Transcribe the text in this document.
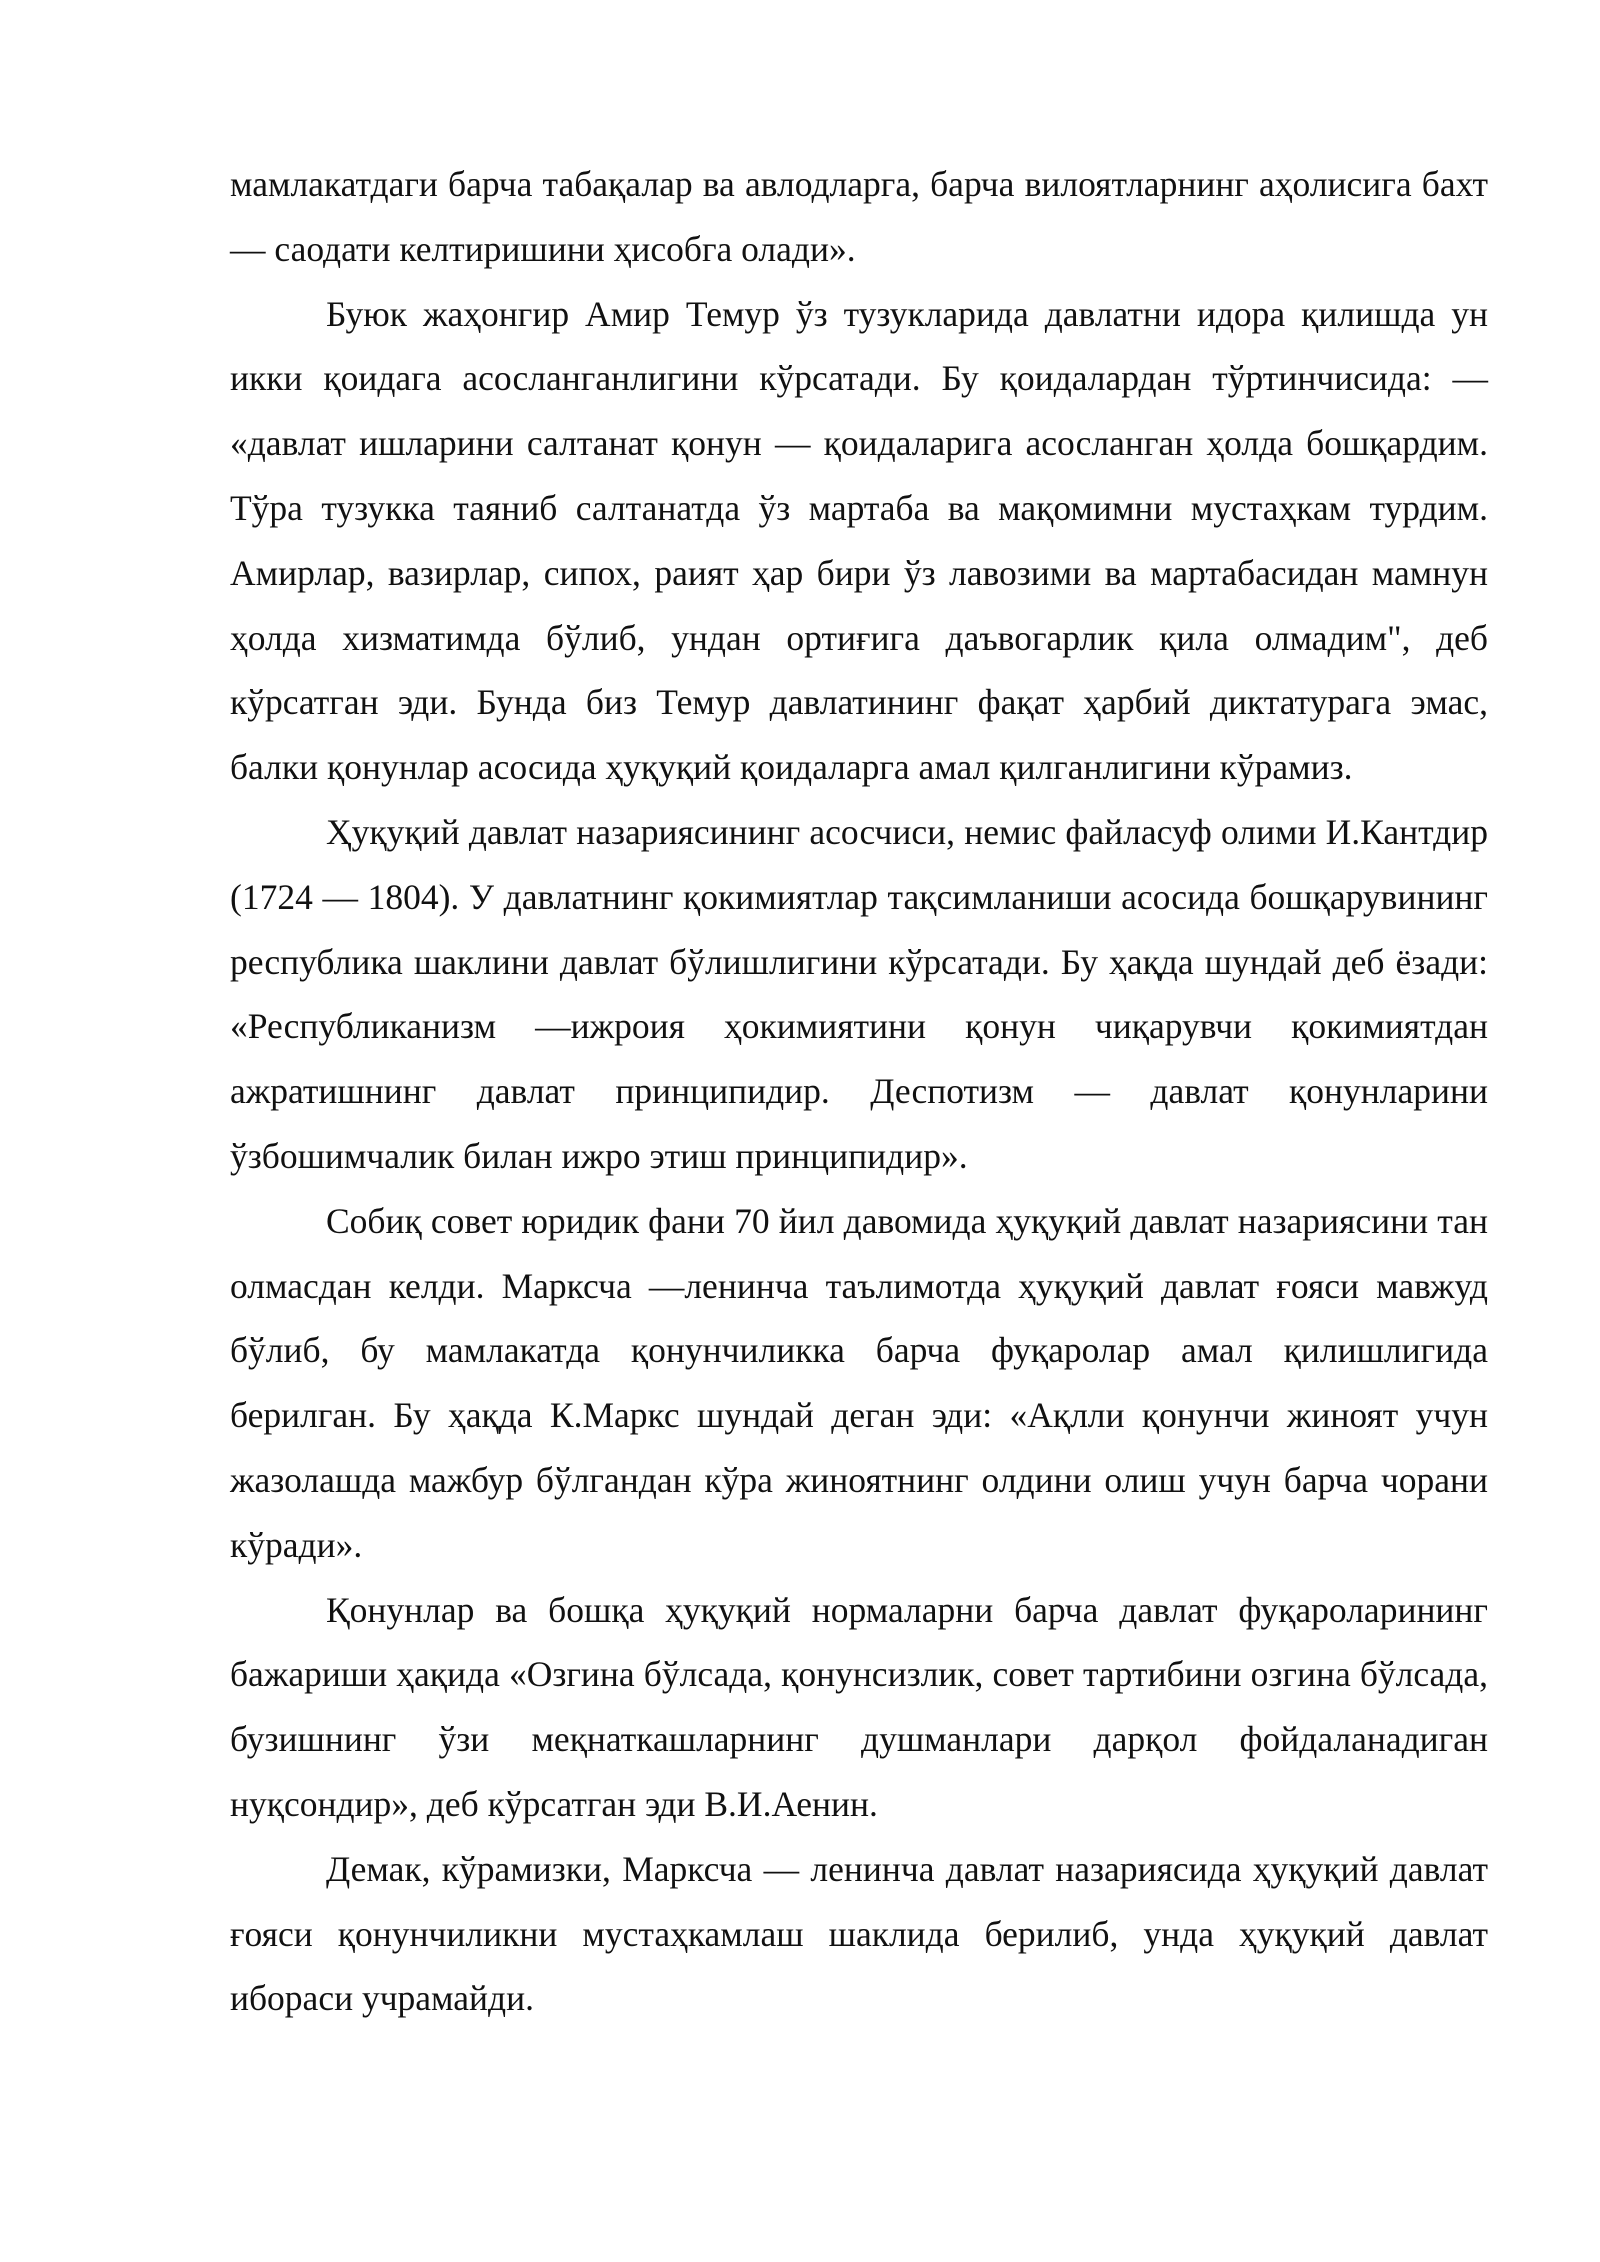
мамлакатдаги барча табақалар ва авлодларга, барча вилоятларнинг аҳолисига бахт — саодати келтиришини ҳисобга олади».

Буюк жаҳонгир Амир Темур ўз тузукларида давлатни идора қилишда ун икки қоидага асосланганлигини кўрсатади. Бу қоидалардан тўртинчисида: — «давлат ишларини салтанат қонун — қоидаларига асосланган ҳолда бошқардим. Тўра тузукка таяниб салтанатда ўз мартаба ва мақомимни мустаҳкам турдим. Амирлар, вазирлар, сипох, раият ҳар бири ўз лавозими ва мартабасидан мамнун ҳолда хизматимда бўлиб, ундан ортиғига даъвогарлик қила олмадим", деб кўрсатган эди. Бунда биз Темур давлатининг фақат ҳарбий диктатурага эмас, балки қонунлар асосида ҳуқуқий қоидаларга амал қилганлигини кўрамиз.

Ҳуқуқий давлат назариясининг асосчиси, немис файласуф олими И.Кантдир (1724 — 1804). У давлатнинг қокимиятлар тақсимланиши асосида бошқарувининг республика шаклини давлат бўлишлигини кўрсатади. Бу ҳақда шундай деб ёзади: «Республиканизм —ижроия ҳокимиятини қонун чиқарувчи қокимиятдан ажратишнинг давлат принципидир. Деспотизм — давлат қонунларини ўзбошимчалик билан ижро этиш принципидир».

Собиқ совет юридик фани 70 йил давомида ҳуқуқий давлат назариясини тан олмасдан келди. Марксча —ленинча таълимотда ҳуқуқий давлат ғояси мавжуд бўлиб, бу мамлакатда қонунчиликка барча фуқаролар амал қилишлигида берилган. Бу ҳақда К.Маркс шундай деган эди: «Ақлли қонунчи жиноят учун жазолашда мажбур бўлгандан кўра жиноятнинг олдини олиш учун барча чорани кўради».

Қонунлар ва бошқа ҳуқуқий нормаларни барча давлат фуқароларининг бажариши ҳақида «Озгина бўлсада, қонунсизлик, совет тартибини озгина бўлсада, бузишнинг ўзи меқнаткашларнинг душманлари дарқол фойдаланадиган нуқсондир», деб кўрсатган эди В.И.Аенин.

Демак, кўрамизки, Марксча — ленинча давлат назариясида ҳуқуқий давлат ғояси қонунчиликни мустаҳкамлаш шаклида берилиб, унда ҳуқуқий давлат ибораси учрамайди.
